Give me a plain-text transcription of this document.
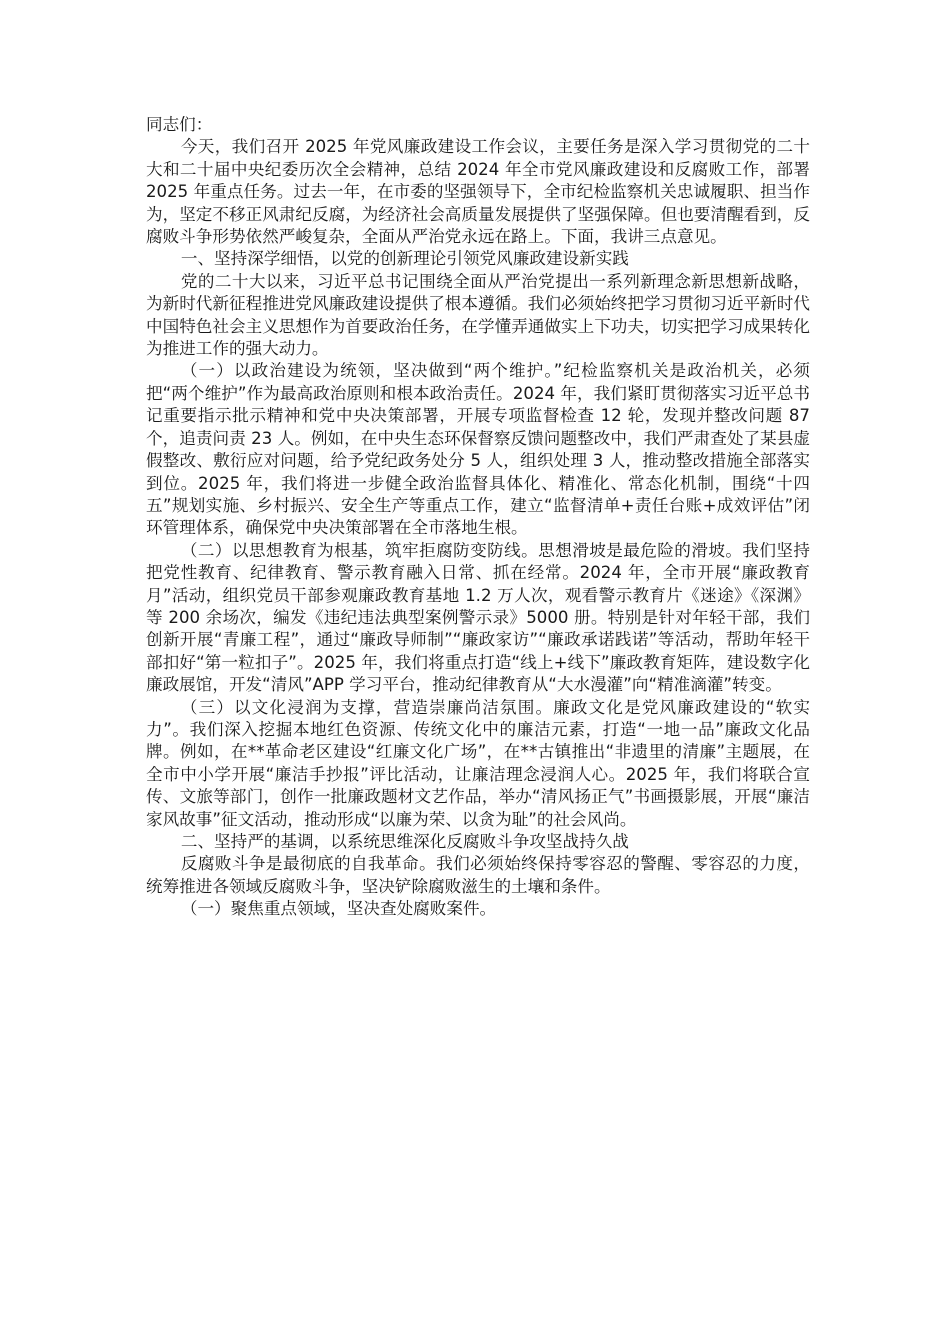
同志们：

今天，我们召开 2025 年党风廉政建设工作会议，主要任务是深入学习贯彻党的二十大和二十届中央纪委历次全会精神，总结 2024 年全市党风廉政建设和反腐败工作，部署 2025 年重点任务。过去一年，在市委的坚强领导下，全市纪检监察机关忠诚履职、担当作为，坚定不移正风肃纪反腐，为经济社会高质量发展提供了坚强保障。但也要清醒看到，反腐败斗争形势依然严峻复杂，全面从严治党永远在路上。下面，我讲三点意见。

一、坚持深学细悟，以党的创新理论引领党风廉政建设新实践

党的二十大以来，习近平总书记围绕全面从严治党提出一系列新理念新思想新战略，为新时代新征程推进党风廉政建设提供了根本遵循。我们必须始终把学习贯彻习近平新时代中国特色社会主义思想作为首要政治任务，在学懂弄通做实上下功夫，切实把学习成果转化为推进工作的强大动力。

（一）以政治建设为统领，坚决做到“两个维护。”纪检监察机关是政治机关，必须把“两个维护”作为最高政治原则和根本政治责任。2024 年，我们紧盯贯彻落实习近平总书记重要指示批示精神和党中央决策部署，开展专项监督检查 12 轮，发现并整改问题 87 个，追责问责 23 人。例如，在中央生态环保督察反馈问题整改中，我们严肃查处了某县虚假整改、敷衍应对问题，给予党纪政务处分 5 人，组织处理 3 人，推动整改措施全部落实到位。2025 年，我们将进一步健全政治监督具体化、精准化、常态化机制，围绕“十四五”规划实施、乡村振兴、安全生产等重点工作，建立“监督清单+责任台账+成效评估”闭环管理体系，确保党中央决策部署在全市落地生根。

（二）以思想教育为根基，筑牢拒腐防变防线。思想滑坡是最危险的滑坡。我们坚持把党性教育、纪律教育、警示教育融入日常、抓在经常。2024 年，全市开展“廉政教育月”活动，组织党员干部参观廉政教育基地 1.2 万人次，观看警示教育片《迷途》《深渊》等 200 余场次，编发《违纪违法典型案例警示录》5000 册。特别是针对年轻干部，我们创新开展“青廉工程”，通过“廉政导师制”“廉政家访”“廉政承诺践诺”等活动，帮助年轻干部扣好“第一粒扣子”。2025 年，我们将重点打造“线上+线下”廉政教育矩阵，建设数字化廉政展馆，开发“清风”APP 学习平台，推动纪律教育从“大水漫灌”向“精准滴灌”转变。

（三）以文化浸润为支撑，营造崇廉尚洁氛围。廉政文化是党风廉政建设的“软实力”。我们深入挖掘本地红色资源、传统文化中的廉洁元素，打造“一地一品”廉政文化品牌。例如，在**革命老区建设“红廉文化广场”，在**古镇推出“非遗里的清廉”主题展，在全市中小学开展“廉洁手抄报”评比活动，让廉洁理念浸润人心。2025 年，我们将联合宣传、文旅等部门，创作一批廉政题材文艺作品，举办“清风扬正气”书画摄影展，开展“廉洁家风故事”征文活动，推动形成“以廉为荣、以贪为耻”的社会风尚。

二、坚持严的基调，以系统思维深化反腐败斗争攻坚战持久战

反腐败斗争是最彻底的自我革命。我们必须始终保持零容忍的警醒、零容忍的力度，统筹推进各领域反腐败斗争，坚决铲除腐败滋生的土壤和条件。

（一）聚焦重点领域，坚决查处腐败案件。
